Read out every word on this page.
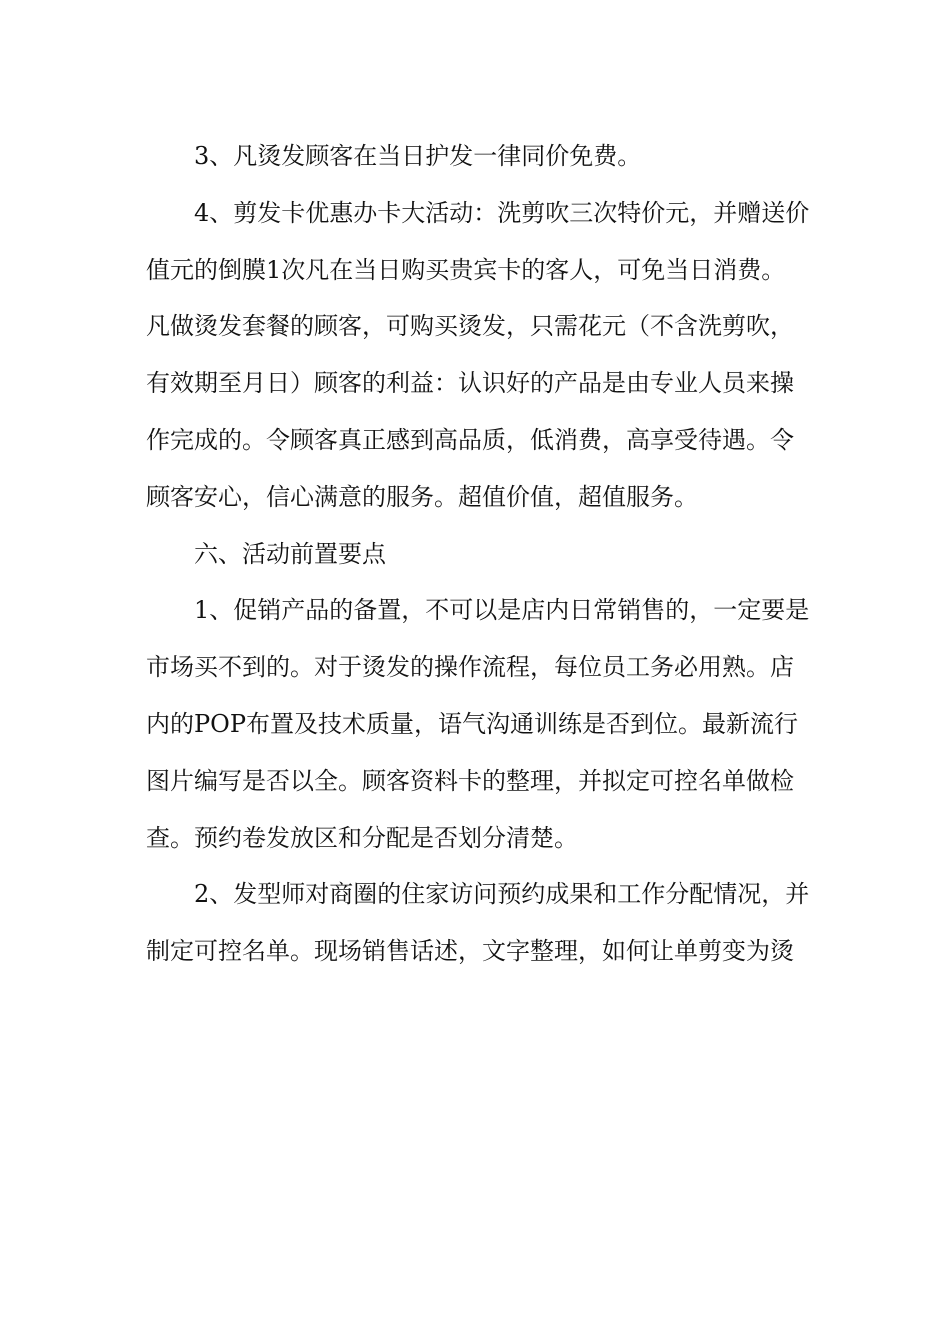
3、凡烫发顾客在当日护发一律同价免费。
4、剪发卡优惠办卡大活动：洗剪吹三次特价元，并赠送价
值元的倒膜1次凡在当日购买贵宾卡的客人，可免当日消费。
凡做烫发套餐的顾客，可购买烫发，只需花元（不含洗剪吹，
有效期至月日）顾客的利益：认识好的产品是由专业人员来操
作完成的。令顾客真正感到高品质，低消费，高享受待遇。令
顾客安心，信心满意的服务。超值价值，超值服务。
六、活动前置要点
1、促销产品的备置，不可以是店内日常销售的，一定要是
市场买不到的。对于烫发的操作流程，每位员工务必用熟。店
内的POP布置及技术质量，语气沟通训练是否到位。最新流行
图片编写是否以全。顾客资料卡的整理，并拟定可控名单做检
查。预约卷发放区和分配是否划分清楚。
2、发型师对商圈的住家访问预约成果和工作分配情况，并
制定可控名单。现场销售话述，文字整理，如何让单剪变为烫
